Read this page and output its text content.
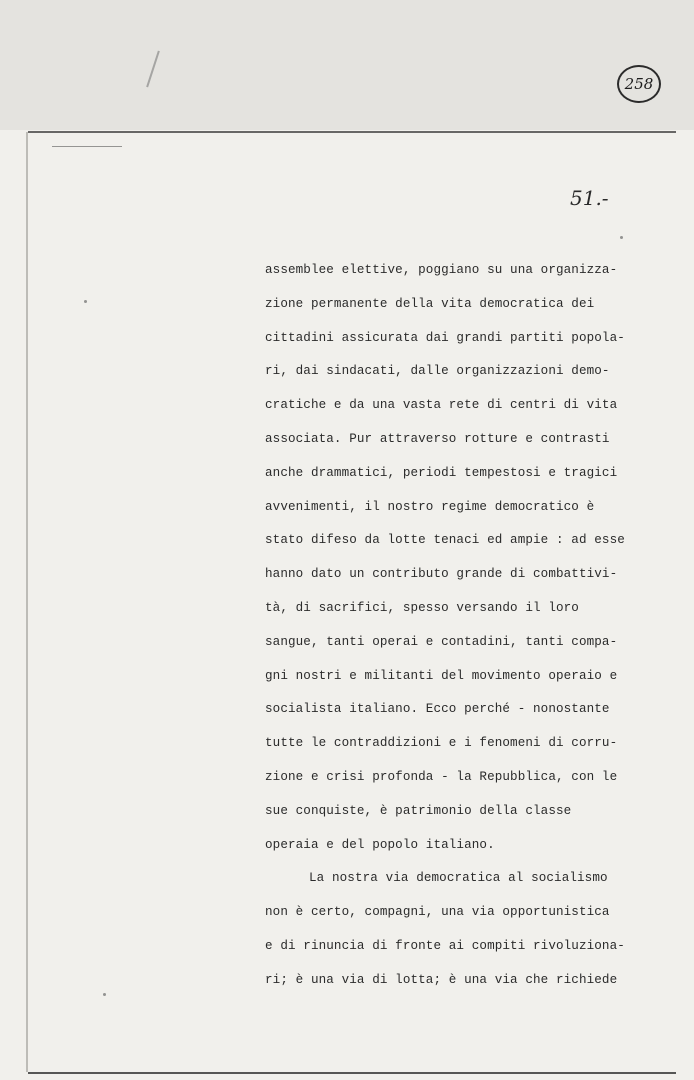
258
51.-
assemblee elettive, poggiano su una organizza-
zione permanente della vita democratica dei
cittadini assicurata dai grandi partiti popola-
ri, dai sindacati, dalle organizzazioni demo-
cratiche e da una vasta rete di centri di vita
associata. Pur attraverso rotture e contrasti
anche drammatici, periodi tempestosi e tragici
avvenimenti, il nostro regime democratico è
stato difeso da lotte tenaci ed ampie : ad esse
hanno dato un contributo grande di combattivi-
tà, di sacrifici, spesso versando il loro
sangue, tanti operai e contadini, tanti compa-
gni nostri e militanti del movimento operaio e
socialista italiano. Ecco perché - nonostante
tutte le contraddizioni e i fenomeni di corru-
zione e crisi profonda - la Repubblica, con le
sue conquiste, è patrimonio della classe
operaia e del popolo italiano.
La nostra via democratica al socialismo
non è certo, compagni, una via opportunistica
e di rinuncia di fronte ai compiti rivoluziona-
ri; è una via di lotta; è una via che richiede
